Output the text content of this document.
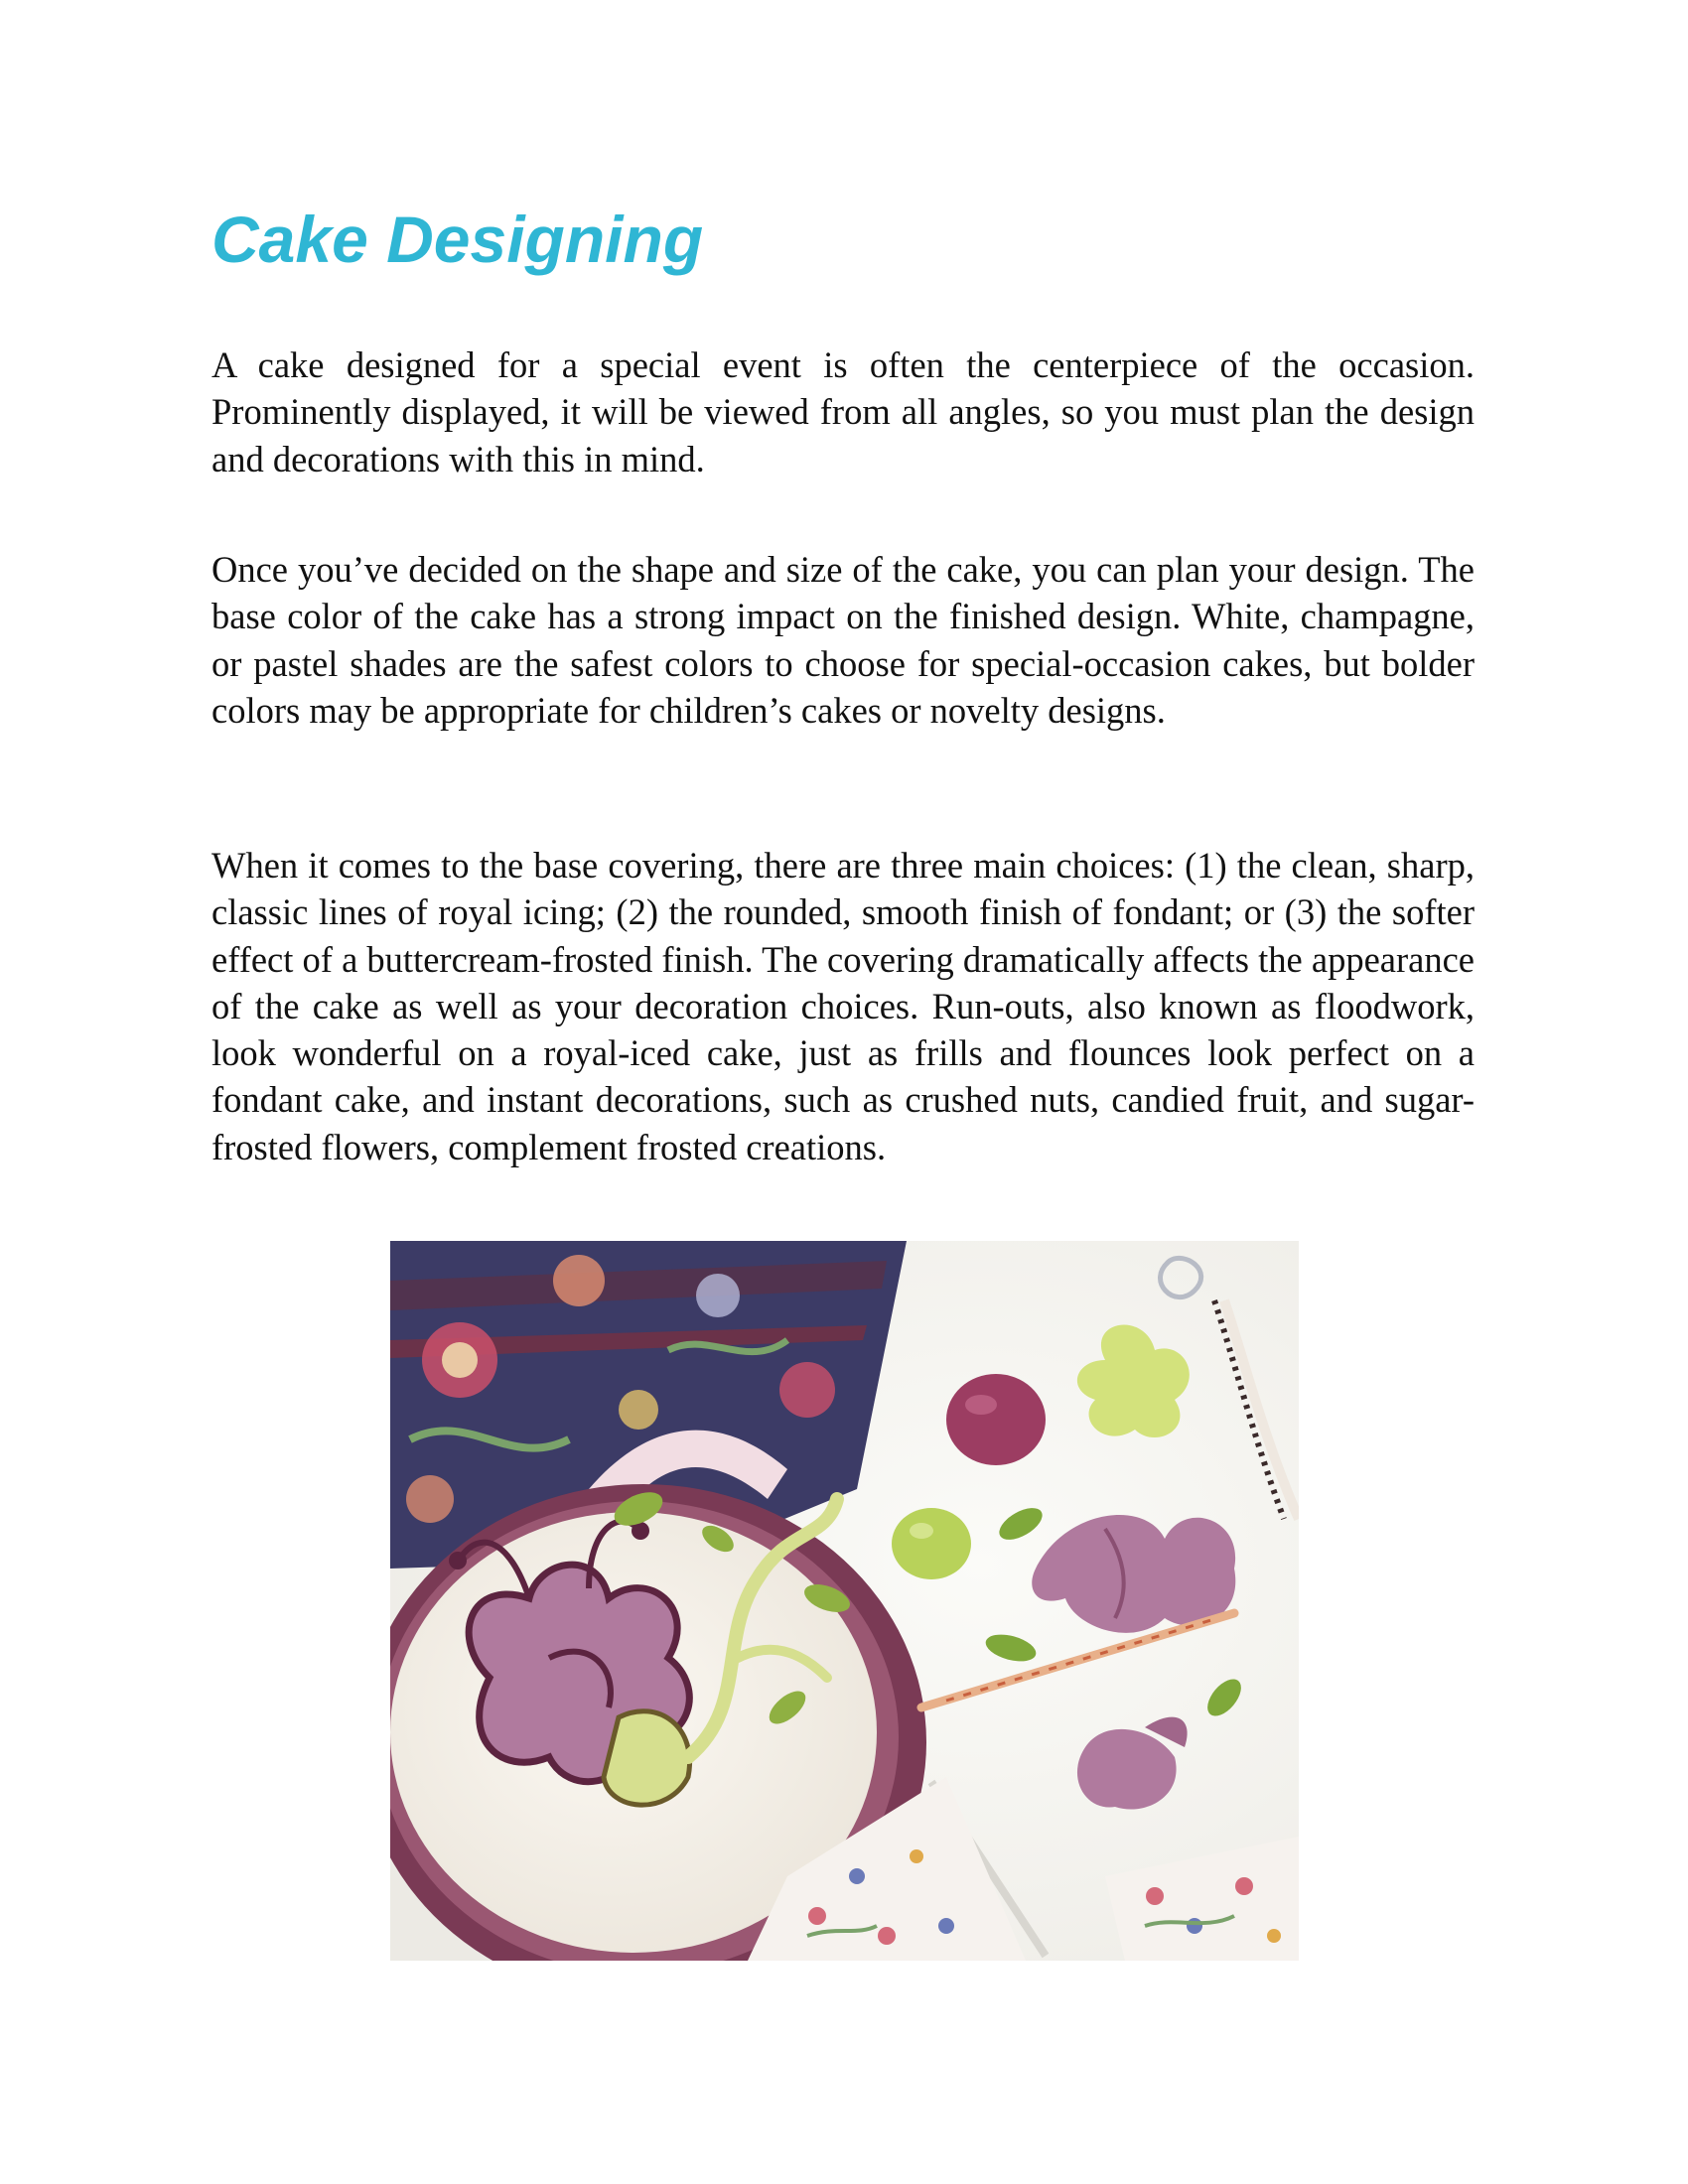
Cake Designing

A cake designed for a special event is often the centerpiece of the occasion. Prominently displayed, it will be viewed from all angles, so you must plan the design and decorations with this in mind.

Once you’ve decided on the shape and size of the cake, you can plan your design. The base color of the cake has a strong impact on the finished design. White, champagne, or pastel shades are the safest colors to choose for special-occasion cakes, but bolder colors may be appropriate for children’s cakes or novelty designs.

When it comes to the base covering, there are three main choices: (1) the clean, sharp, classic lines of royal icing; (2) the rounded, smooth finish of fondant; or (3) the softer effect of a buttercream-frosted finish. The covering dramatically affects the appearance of the cake as well as your decoration choices. Run-outs, also known as floodwork, look wonderful on a royal-iced cake, just as frills and flounces look perfect on a fondant cake, and instant decorations, such as crushed nuts, candied fruit, and sugar-frosted flowers, complement frosted creations.
